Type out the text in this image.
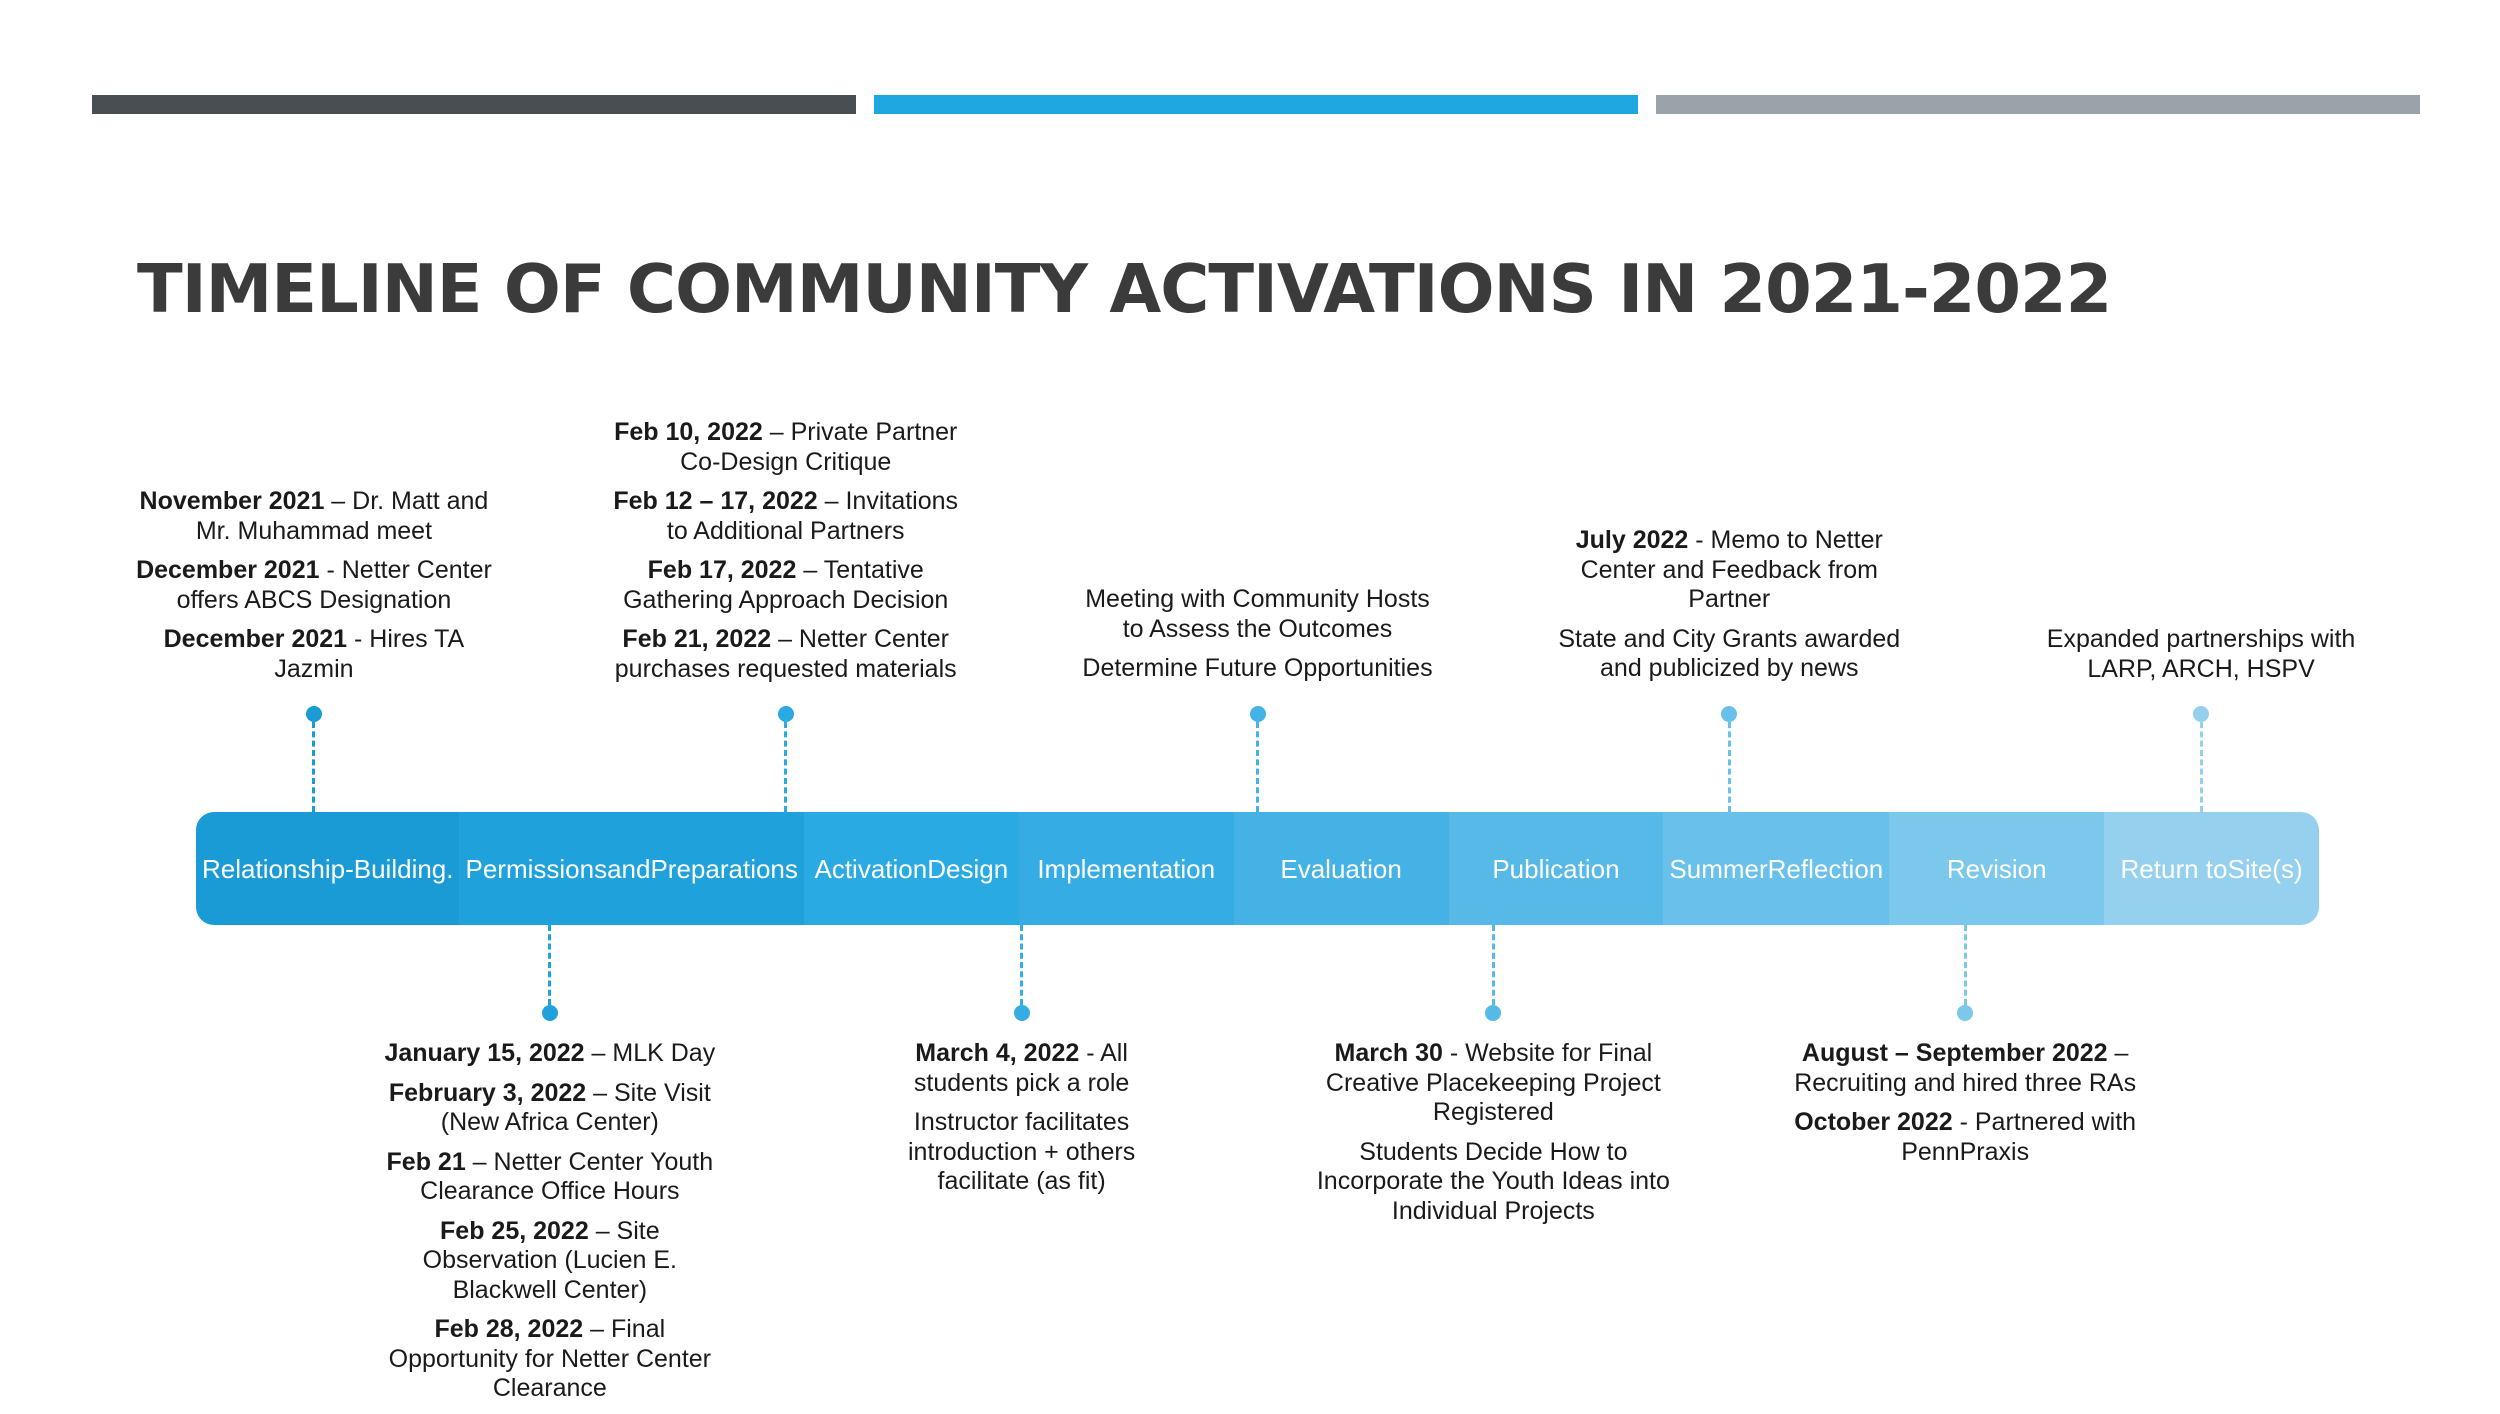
TIMELINE OF COMMUNITY ACTIVATIONS IN 2021-2022
Relationship- Building. Permissions and Preparations Activation Design Implementation	Evaluation	Publication Summer Reflection Revision	Return to Site(s)
November 2021 – Dr. Matt and
Mr. Muhammad meet
December 2021 - Netter Center
offers ABCS Designation
December 2021 - Hires TA
Jazmin
Feb 10, 2022 – Private Partner
Co-Design Critique
Feb 12 – 17, 2022 – Invitations
to Additional Partners
Feb 17, 2022 – Tentative
Gathering Approach Decision
Feb 21, 2022 – Netter Center
purchases requested materials
Meeting with Community Hosts
to Assess the Outcomes
Determine Future Opportunities
July 2022 - Memo to Netter
Center and Feedback from
Partner
State and City Grants awarded
and publicized by news
Expanded partnerships with
LARP, ARCH, HSPV
January 15, 2022 – MLK Day
February 3, 2022 – Site Visit
(New Africa Center)
Feb 21 – Netter Center Youth
Clearance Office Hours
Feb 25, 2022 – Site
Observation (Lucien E.
Blackwell Center)
Feb 28, 2022 – Final
Opportunity for Netter Center
Clearance
March 4, 2022 - All
students pick a role
Instructor facilitates
introduction + others
facilitate (as fit)
March 30 - Website for Final
Creative Placekeeping Project
Registered
Students Decide How to
Incorporate the Youth Ideas into
Individual Projects
August – September 2022 –
Recruiting and hired three RAs
October 2022 - Partnered with
PennPraxis
